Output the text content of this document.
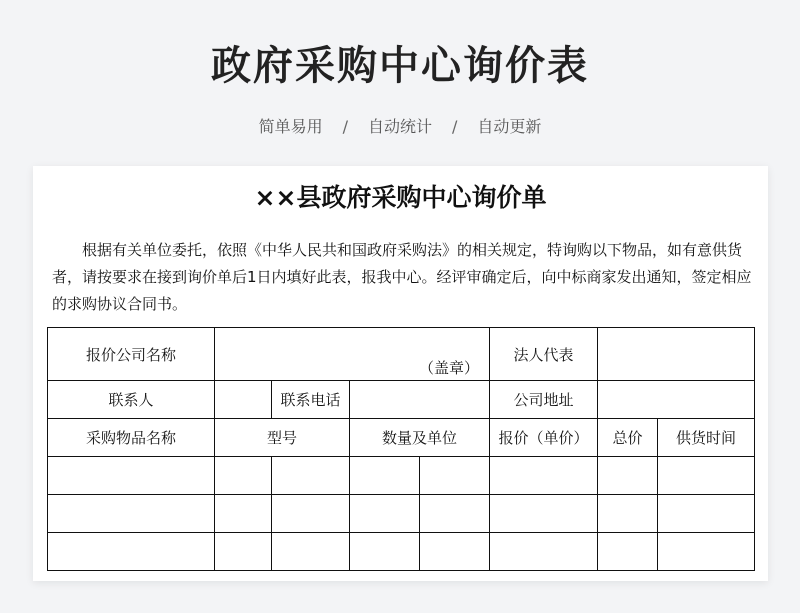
政府采购中心询价表
简单易用 / 自动统计 / 自动更新
××县政府采购中心询价单

根据有关单位委托，依照《中华人民共和国政府采购法》的相关规定，特询购以下物品，如有意供货者，请按要求在接到询价单后1日内填好此表，报我中心。经评审确定后，向中标商家发出通知，签定相应的求购协议合同书。

报价公司名称	（盖章）				法人代表		
联系人		联系电话			公司地址		
采购物品名称	型号		数量及单位		报价（单价）	总价	供货时间
